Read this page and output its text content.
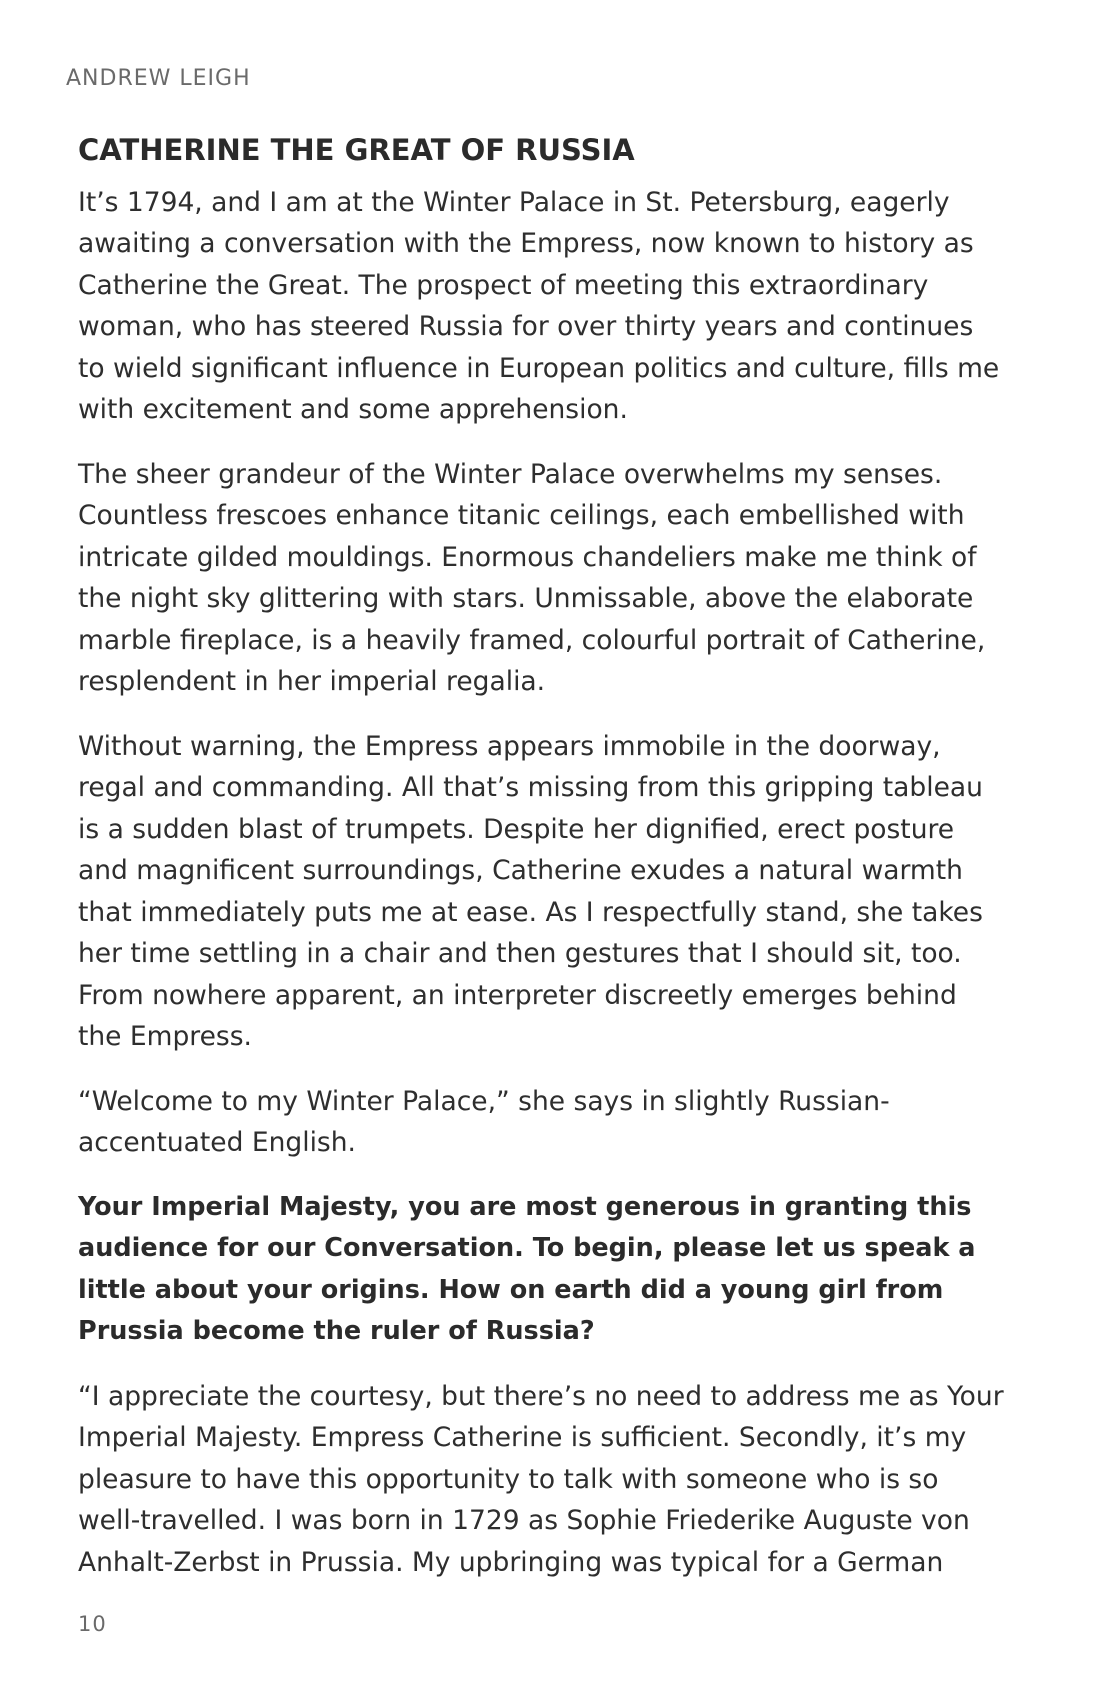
ANDREW LEIGH

CATHERINE THE GREAT OF RUSSIA

It’s 1794, and I am at the Winter Palace in St. Petersburg, eagerly awaiting a conversation with the Empress, now known to history as Catherine the Great. The prospect of meeting this extraordinary woman, who has steered Russia for over thirty years and continues to wield significant influence in European politics and culture, fills me with excitement and some apprehension.

The sheer grandeur of the Winter Palace overwhelms my senses. Countless frescoes enhance titanic ceilings, each embellished with intricate gilded mouldings. Enormous chandeliers make me think of the night sky glittering with stars. Unmissable, above the elaborate marble fireplace, is a heavily framed, colourful portrait of Catherine, resplendent in her imperial regalia.

Without warning, the Empress appears immobile in the doorway, regal and commanding. All that’s missing from this gripping tableau is a sudden blast of trumpets. Despite her dignified, erect posture and magnificent surroundings, Catherine exudes a natural warmth that immediately puts me at ease. As I respectfully stand, she takes her time settling in a chair and then gestures that I should sit, too. From nowhere apparent, an interpreter discreetly emerges behind the Empress.

“Welcome to my Winter Palace,” she says in slightly Russian-accentuated English.

Your Imperial Majesty, you are most generous in granting this audience for our Conversation. To begin, please let us speak a little about your origins. How on earth did a young girl from Prussia become the ruler of Russia?

“I appreciate the courtesy, but there’s no need to address me as Your Imperial Majesty. Empress Catherine is sufficient. Secondly, it’s my pleasure to have this opportunity to talk with someone who is so well-travelled. I was born in 1729 as Sophie Friederike Auguste von Anhalt-Zerbst in Prussia. My upbringing was typical for a German

10
